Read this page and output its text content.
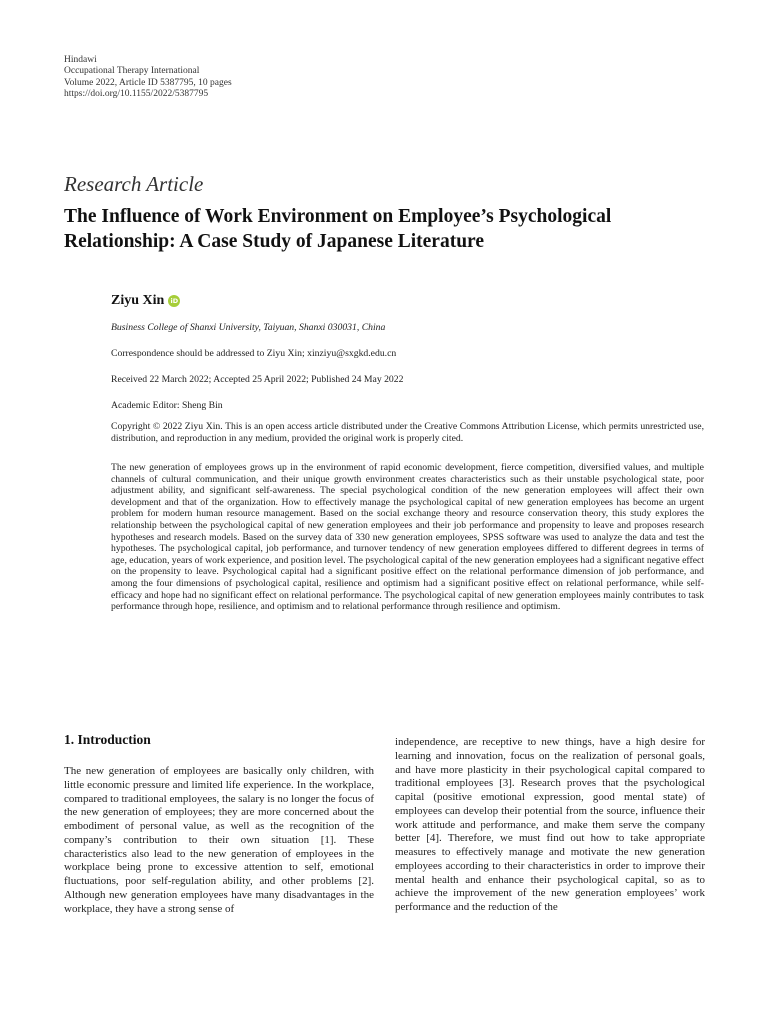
Hindawi
Occupational Therapy International
Volume 2022, Article ID 5387795, 10 pages
https://doi.org/10.1155/2022/5387795
Research Article
The Influence of Work Environment on Employee’s Psychological Relationship: A Case Study of Japanese Literature
Ziyu Xin iD
Business College of Shanxi University, Taiyuan, Shanxi 030031, China
Correspondence should be addressed to Ziyu Xin; xinziyu@sxgkd.edu.cn
Received 22 March 2022; Accepted 25 April 2022; Published 24 May 2022
Academic Editor: Sheng Bin
Copyright © 2022 Ziyu Xin. This is an open access article distributed under the Creative Commons Attribution License, which permits unrestricted use, distribution, and reproduction in any medium, provided the original work is properly cited.
The new generation of employees grows up in the environment of rapid economic development, fierce competition, diversified values, and multiple channels of cultural communication, and their unique growth environment creates characteristics such as their unstable psychological state, poor adjustment ability, and significant self-awareness. The special psychological condition of the new generation employees will affect their own development and that of the organization. How to effectively manage the psychological capital of new generation employees has become an urgent problem for modern human resource management. Based on the social exchange theory and resource conservation theory, this study explores the relationship between the psychological capital of new generation employees and their job performance and propensity to leave and proposes research hypotheses and research models. Based on the survey data of 330 new generation employees, SPSS software was used to analyze the data and test the hypotheses. The psychological capital, job performance, and turnover tendency of new generation employees differed to different degrees in terms of age, education, years of work experience, and position level. The psychological capital of the new generation employees had a significant negative effect on the propensity to leave. Psychological capital had a significant positive effect on the relational performance dimension of job performance, and among the four dimensions of psychological capital, resilience and optimism had a significant positive effect on relational performance, while self-efficacy and hope had no significant effect on relational performance. The psychological capital of new generation employees mainly contributes to task performance through hope, resilience, and optimism and to relational performance through resilience and optimism.
1. Introduction
The new generation of employees are basically only children, with little economic pressure and limited life experience. In the workplace, compared to traditional employees, the salary is no longer the focus of the new generation of employees; they are more concerned about the embodiment of personal value, as well as the recognition of the company’s contribution to their own situation [1]. These characteristics also lead to the new generation of employees in the workplace being prone to excessive attention to self, emotional fluctuations, poor self-regulation ability, and other problems [2]. Although new generation employees have many disadvantages in the workplace, they have a strong sense of
independence, are receptive to new things, have a high desire for learning and innovation, focus on the realization of personal goals, and have more plasticity in their psychological capital compared to traditional employees [3]. Research proves that the psychological capital (positive emotional expression, good mental state) of employees can develop their potential from the source, influence their work attitude and performance, and make them serve the company better [4]. Therefore, we must find out how to take appropriate measures to effectively manage and motivate the new generation employees according to their characteristics in order to improve their mental health and enhance their psychological capital, so as to achieve the improvement of the new generation employees’ work performance and the reduction of the
